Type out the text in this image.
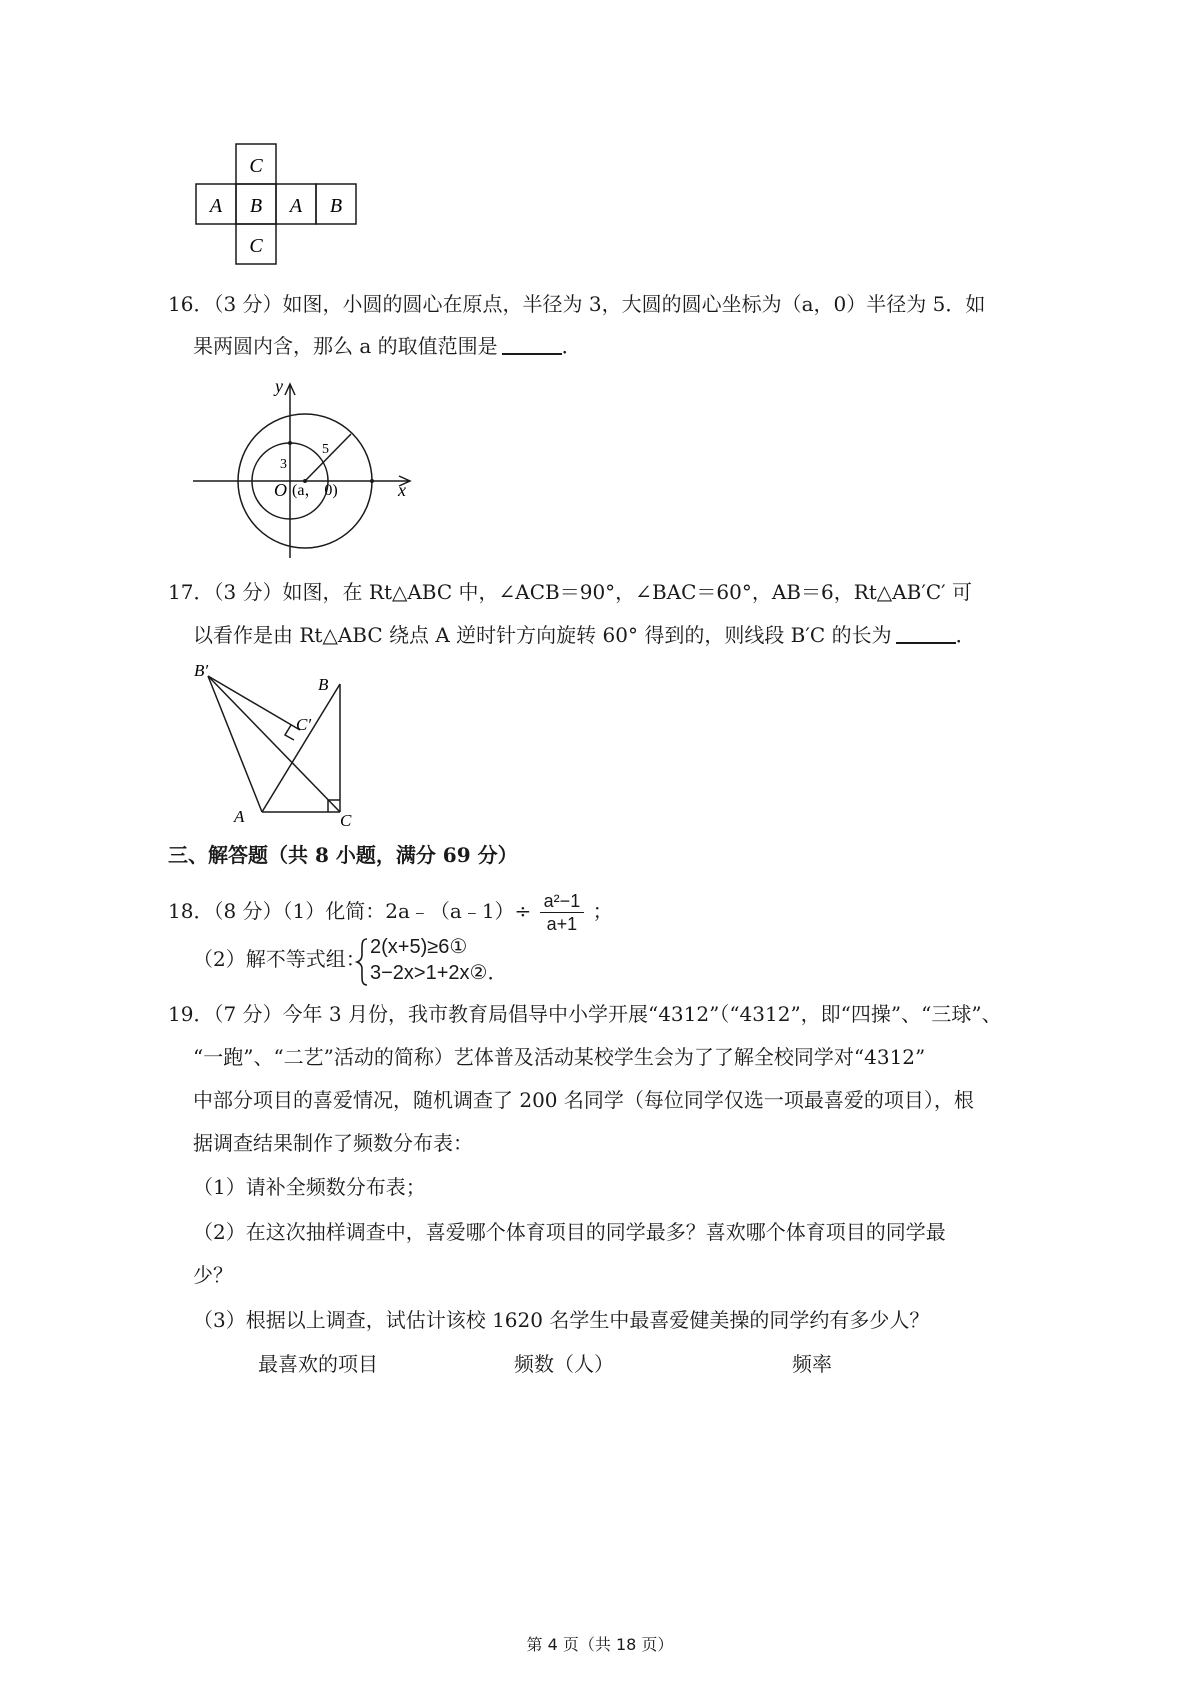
C
A B A B
C
16．（3 分）如图，小圆的圆心在原点，半径为 3，大圆的圆心坐标为（a，0）半径为 5．如
果两圆内含，那么 a 的取值范围是	．
y
x
O (a， 0)
3
5
17．（3 分）如图，在 Rt△ABC 中，∠ACB＝90°，∠BAC＝60°，AB＝6，Rt△AB′C′ 可
以看作是由 Rt△ABC 绕点 A 逆时针方向旋转 60° 得到的，则线段 B′C 的长为	．
B′
B
C′
A	C
三、解答题（共 8 小题，满分 69 分）
18．（8 分）（1）化简：2a﹣（a﹣1）÷ $\frac{\text{a²−1}}{a+1}$ ；
（2）解不等式组： 2(x+5)≥6①
3−2x>1+2x②．
19．（7 分）今年 3 月份，我市教育局倡导中小学开展“4312”（“4312”，即“四操”、“三球”、
“一跑”、“二艺”活动的简称）艺体普及活动某校学生会为了了解全校同学对“4312”
中部分项目的喜爱情况，随机调查了 200 名同学（每位同学仅选一项最喜爱的项目），根
据调查结果制作了频数分布表：
（1）请补全频数分布表；
（2）在这次抽样调查中，喜爱哪个体育项目的同学最多？喜欢哪个体育项目的同学最
少？
（3）根据以上调查，试估计该校 1620 名学生中最喜爱健美操的同学约有多少人？
最喜欢的项目	频数（人）	频率
第 4 页（共 18 页）
